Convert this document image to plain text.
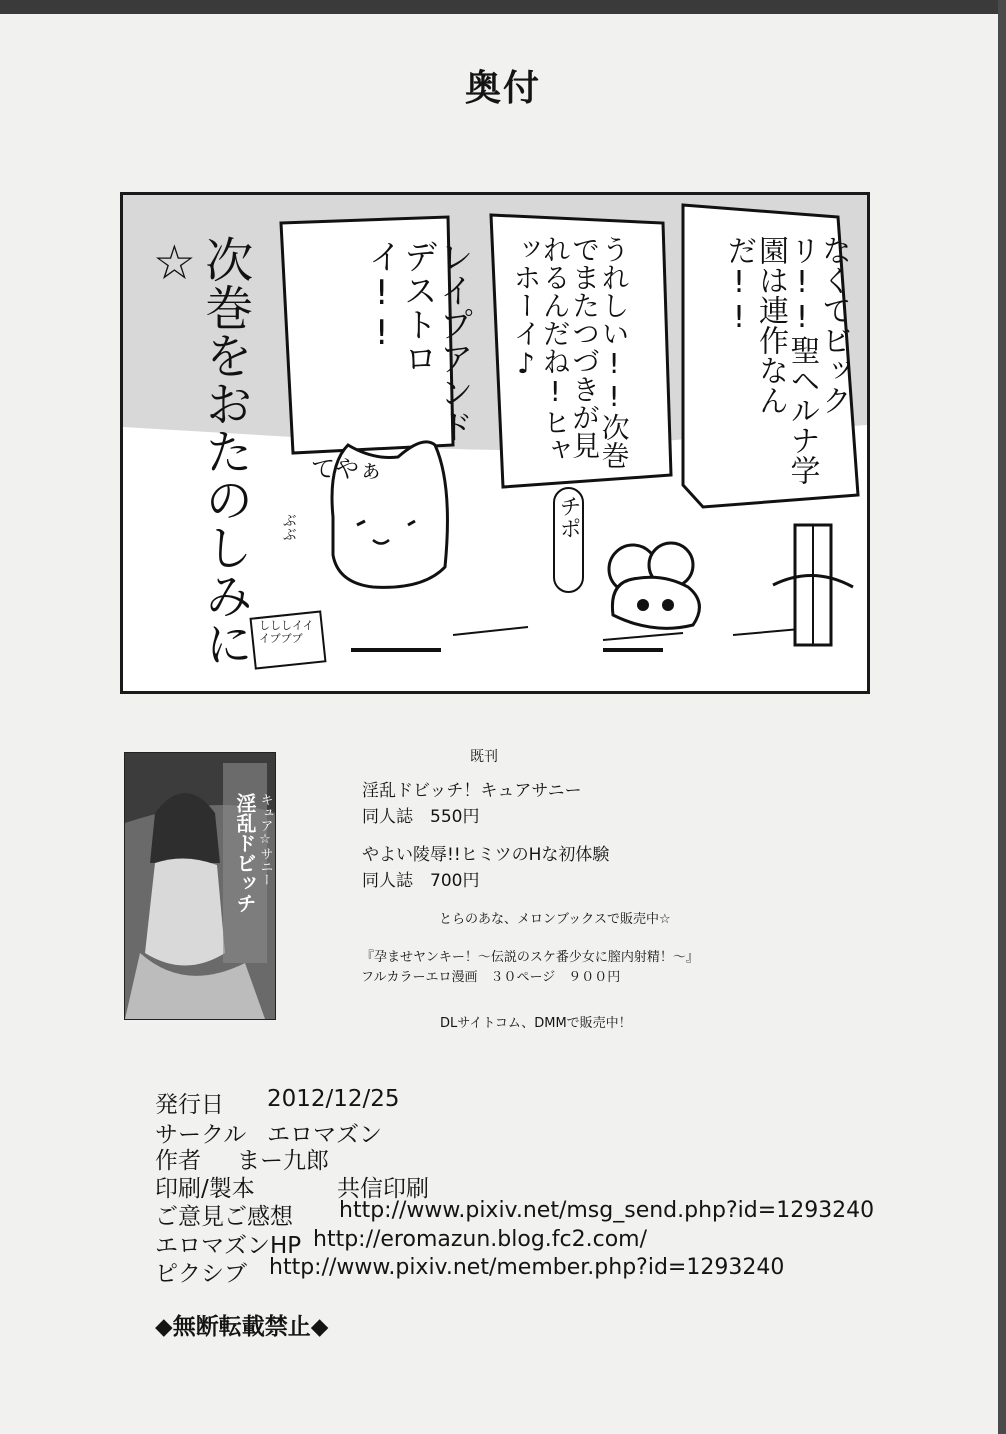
奥付
なくてビックリ!!聖ヘルナ学園は連作なんだ!!
うれしい!!次巻でまたつづきが見れるんだね!ヒャッホーイ♪
レイプアンドデストロイ!!
次巻をおたのしみに☆
てやぁ
チポ
ぶぶ
しししイイイブブブ
既刊
淫乱ドビッチ キュア☆サニー
淫乱ドビッチ！キュアサニー
同人誌　550円
やよい陵辱!!ヒミツのHな初体験
同人誌　700円
とらのあな、メロンブックスで販売中☆
『孕ませヤンキー！～伝説のスケ番少女に膣内射精！～』
フルカラーエロ漫画　３０ページ　９００円
DLサイトコム、DMMで販売中！
発行日 2012/12/25
サークル エロマズン
作者 まー九郎
印刷/製本	共信印刷
ご意見ご感想 http://www.pixiv.net/msg_send.php?id=1293240
エロマズンHP http://eromazun.blog.fc2.com/
ピクシブ http://www.pixiv.net/member.php?id=1293240
◆無断転載禁止◆
